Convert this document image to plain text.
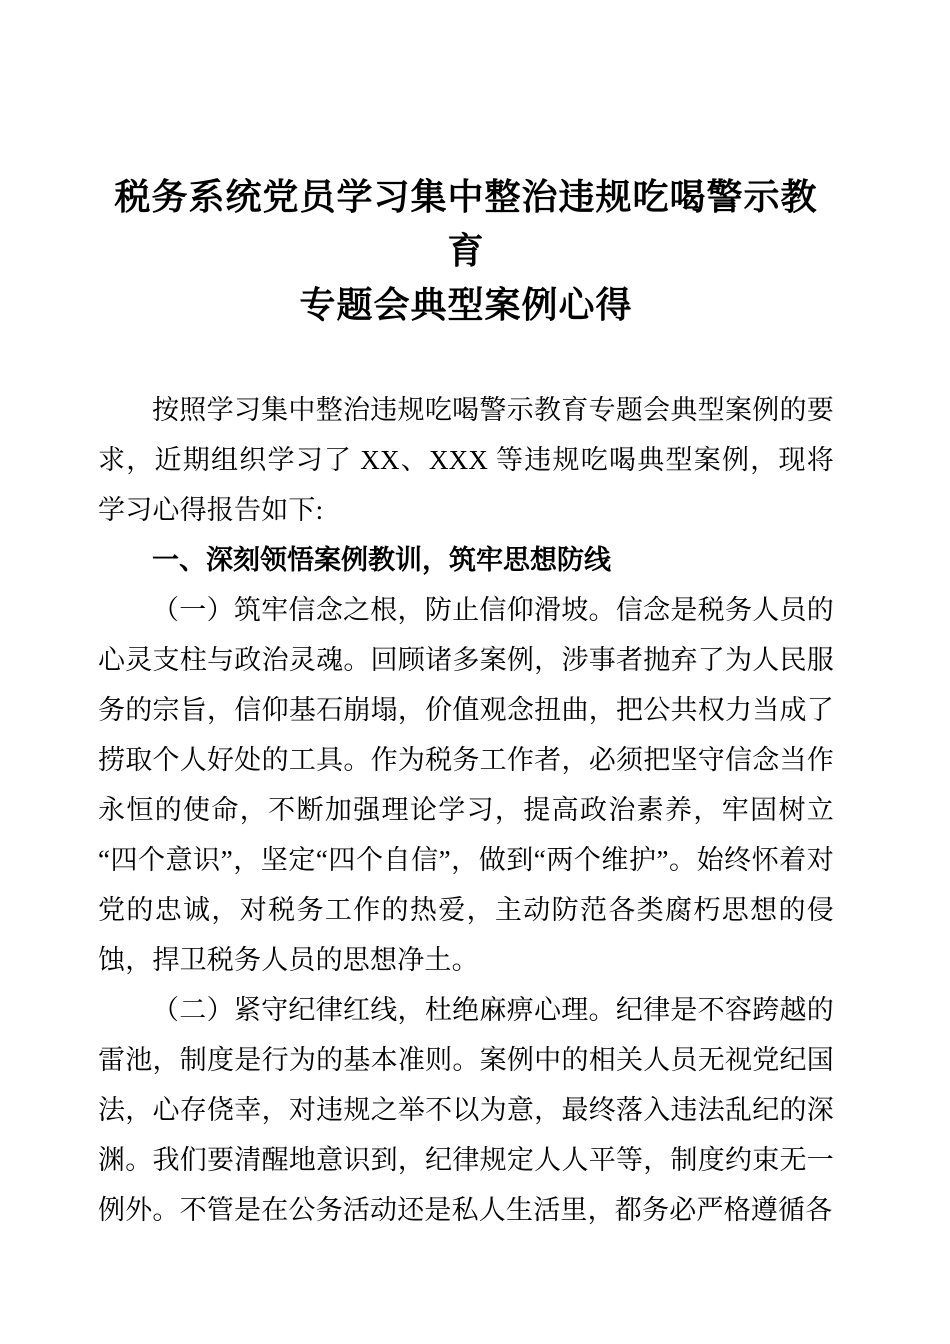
税务系统党员学习集中整治违规吃喝警示教育
专题会典型案例心得

按照学习集中整治违规吃喝警示教育专题会典型案例的要求，近期组织学习了 XX、XXX 等违规吃喝典型案例，现将学习心得报告如下:

一、深刻领悟案例教训，筑牢思想防线

（一）筑牢信念之根，防止信仰滑坡。信念是税务人员的心灵支柱与政治灵魂。回顾诸多案例，涉事者抛弃了为人民服务的宗旨，信仰基石崩塌，价值观念扭曲，把公共权力当成了捞取个人好处的工具。作为税务工作者，必须把坚守信念当作永恒的使命，不断加强理论学习，提高政治素养，牢固树立“四个意识”，坚定“四个自信”，做到“两个维护”。始终怀着对党的忠诚，对税务工作的热爱，主动防范各类腐朽思想的侵蚀，捍卫税务人员的思想净土。

（二）紧守纪律红线，杜绝麻痹心理。纪律是不容跨越的雷池，制度是行为的基本准则。案例中的相关人员无视党纪国法，心存侥幸，对违规之举不以为意，最终落入违法乱纪的深渊。我们要清醒地意识到，纪律规定人人平等，制度约束无一例外。不管是在公务活动还是私人生活里，都务必严格遵循各
